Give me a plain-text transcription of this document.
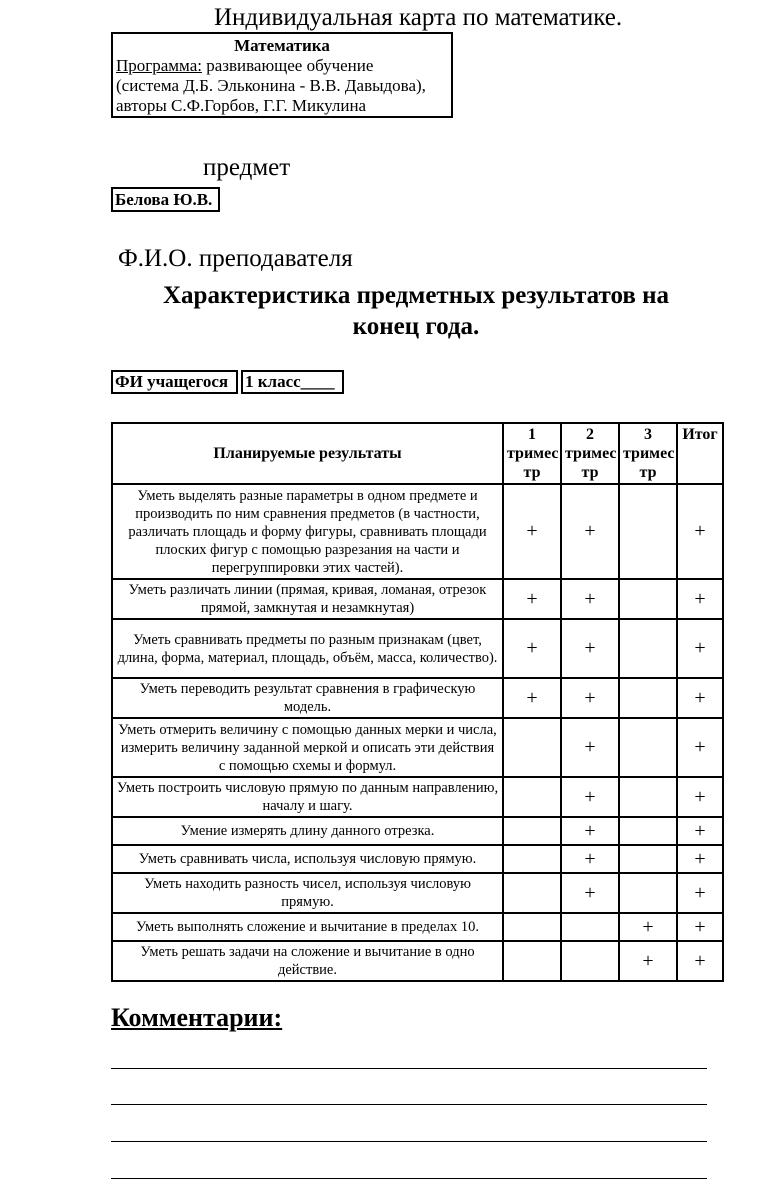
Индивидуальная карта по математике.
Математика
Программа: развивающее обучение
(система Д.Б. Эльконина - В.В. Давыдова),
авторы С.Ф.Горбов, Г.Г. Микулина
предмет
Белова Ю.В.
Ф.И.О. преподавателя
Характеристика предметных результатов на
конец года.
ФИ учащегося 1 класс____
Планируемые результаты	1 тримес тр	2 тримес тр	3 тримес тр	Итог
Уметь выделять разные параметры в одном предмете и производить по ним сравнения предметов (в частности, различать площадь и форму фигуры, сравнивать площади плоских фигур с помощью разрезания на части и перегруппировки этих частей).	+	+		+
Уметь различать линии (прямая, кривая, ломаная, отрезок прямой, замкнутая и незамкнутая)	+	+		+
Уметь сравнивать предметы по разным признакам (цвет, длина, форма, материал, площадь, объём, масса, количество).	+	+		+
Уметь переводить результат сравнения в графическую модель.	+	+		+
Уметь отмерить величину с помощью данных мерки и числа, измерить величину заданной меркой и описать эти действия с помощью схемы и формул.		+		+
Уметь построить числовую прямую по данным направлению, началу и шагу.		+		+
Умение измерять длину данного отрезка.		+		+
Уметь сравнивать числа, используя числовую прямую.		+		+
Уметь находить разность чисел, используя числовую прямую.		+		+
Уметь выполнять сложение и вычитание в пределах 10.			+	+
Уметь решать задачи на сложение и вычитание в одно действие.			+	+
Комментарии:
